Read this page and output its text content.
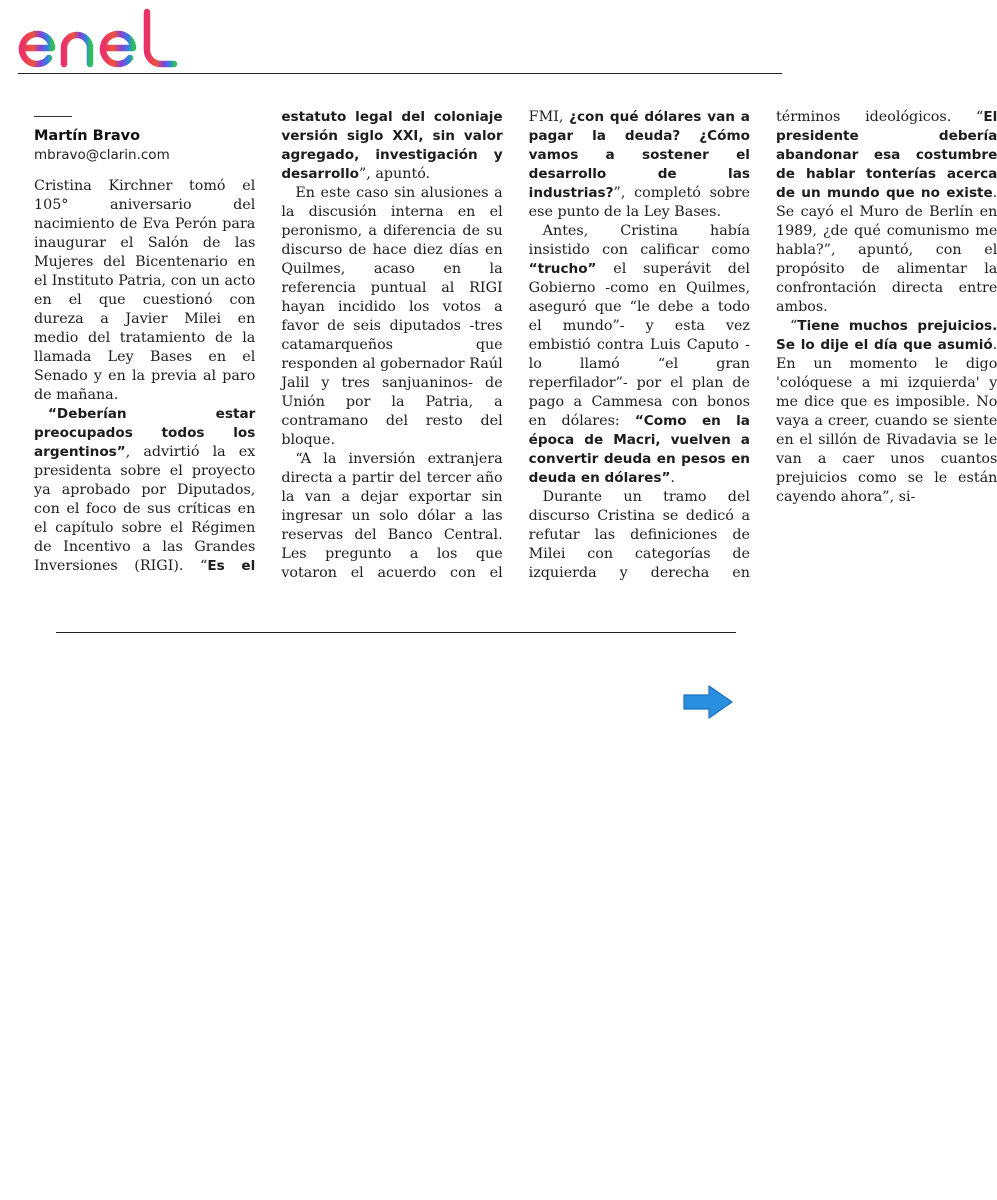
Martín Bravo
mbravo@clarin.com

Cristina Kirchner tomó el 105° aniversario del nacimiento de Eva Perón para inaugurar el Salón de las Mujeres del Bicentenario en el Instituto Patria, con un acto en el que cuestionó con dureza a Javier Milei en medio del tratamiento de la llamada Ley Bases en el Senado y en la previa al paro de mañana.

“Deberían estar preocupados todos los argentinos”, advirtió la ex presidenta sobre el proyecto ya aprobado por Diputados, con el foco de sus críticas en el capítulo sobre el Régimen de Incentivo a las Grandes Inversiones (RIGI). “Es el estatuto legal del coloniaje versión siglo XXI, sin valor agregado, investigación y desarrollo”, apuntó.

En este caso sin alusiones a la discusión interna en el peronismo, a diferencia de su discurso de hace diez días en Quilmes, acaso en la referencia puntual al RIGI hayan incidido los votos a favor de seis diputados -tres catamarqueños que responden al gobernador Raúl Jalil y tres sanjuaninos- de Unión por la Patria, a contramano del resto del bloque.

“A la inversión extranjera directa a partir del tercer año la van a dejar exportar sin ingresar un solo dólar a las reservas del Banco Central. Les pregunto a los que votaron el acuerdo con el FMI, ¿con qué dólares van a pagar la deuda? ¿Cómo vamos a sostener el desarrollo de las industrias?”, completó sobre ese punto de la Ley Bases.

Antes, Cristina había insistido con calificar como “trucho” el superávit del Gobierno -como en Quilmes, aseguró que “le debe a todo el mundo”- y esta vez embistió contra Luis Caputo -lo llamó “el gran reperfilador”- por el plan de pago a Cammesa con bonos en dólares: “Como en la época de Macri, vuelven a convertir deuda en pesos en deuda en dólares”.

Durante un tramo del discurso Cristina se dedicó a refutar las definiciones de Milei con categorías de izquierda y derecha en términos ideológicos. “El presidente debería abandonar esa costumbre de hablar tonterías acerca de un mundo que no existe. Se cayó el Muro de Berlín en 1989, ¿de qué comunismo me habla?”, apuntó, con el propósito de alimentar la confrontación directa entre ambos.

“Tiene muchos prejuicios. Se lo dije el día que asumió. En un momento le digo 'colóquese a mi izquierda' y me dice que es imposible. No vaya a creer, cuando se siente en el sillón de Rivadavia se le van a caer unos cuantos prejuicios como se le están cayendo ahora”, si-
